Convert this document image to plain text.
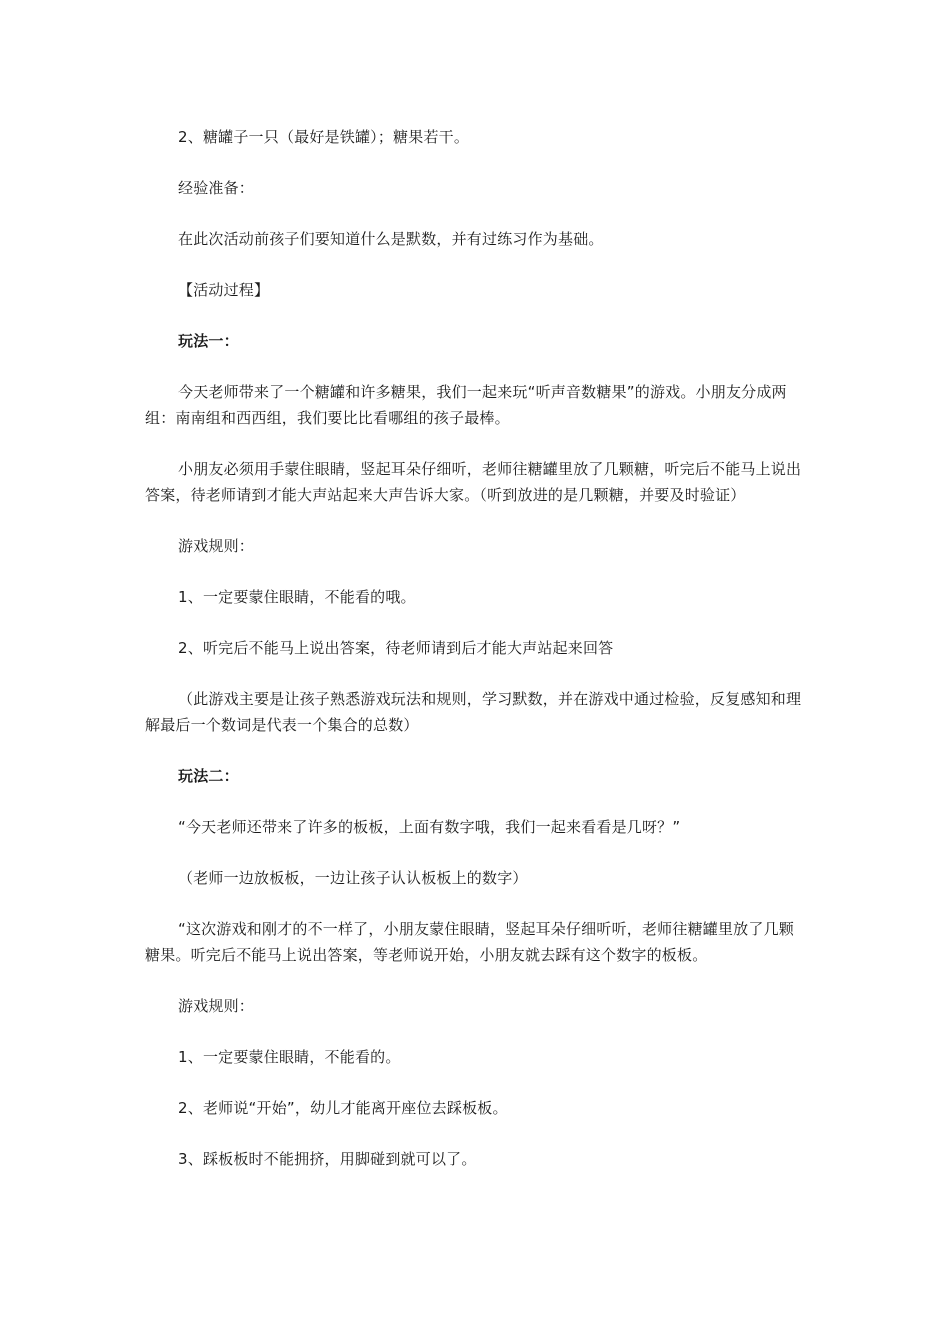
2、糖罐子一只（最好是铁罐）；糖果若干。

经验准备：

在此次活动前孩子们要知道什么是默数，并有过练习作为基础。

【活动过程】

玩法一：

今天老师带来了一个糖罐和许多糖果，我们一起来玩“听声音数糖果”的游戏。小朋友分成两组：南南组和西西组，我们要比比看哪组的孩子最棒。

小朋友必须用手蒙住眼睛，竖起耳朵仔细听，老师往糖罐里放了几颗糖，听完后不能马上说出答案，待老师请到才能大声站起来大声告诉大家。（听到放进的是几颗糖，并要及时验证）

游戏规则：

1、一定要蒙住眼睛，不能看的哦。

2、听完后不能马上说出答案，待老师请到后才能大声站起来回答

（此游戏主要是让孩子熟悉游戏玩法和规则，学习默数，并在游戏中通过检验，反复感知和理解最后一个数词是代表一个集合的总数）

玩法二：

“今天老师还带来了许多的板板，上面有数字哦，我们一起来看看是几呀？”

（老师一边放板板，一边让孩子认认板板上的数字）

“这次游戏和刚才的不一样了，小朋友蒙住眼睛，竖起耳朵仔细听听，老师往糖罐里放了几颗糖果。听完后不能马上说出答案，等老师说开始，小朋友就去踩有这个数字的板板。

游戏规则：

1、一定要蒙住眼睛，不能看的。

2、老师说“开始”，幼儿才能离开座位去踩板板。

3、踩板板时不能拥挤，用脚碰到就可以了。
